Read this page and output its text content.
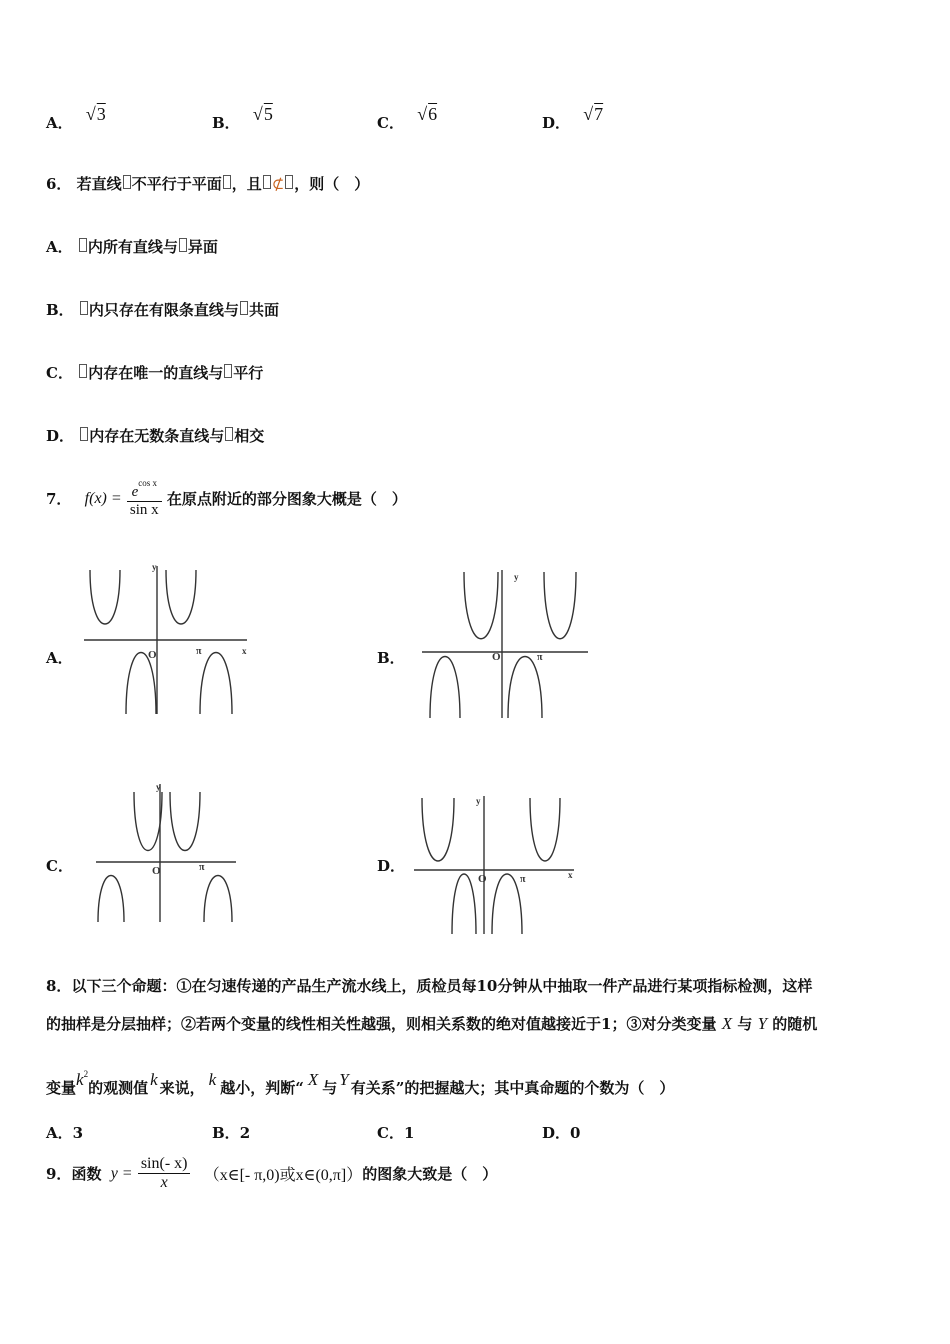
A． √3	B． √5	C． √6	D． √7
6． 若直线 不平行于平面 ，且 ⊄ ，则（　）
A． 内所有直线与 异面
B． 内只存在有限条直线与 共面
C． 内存在唯一的直线与 平行
D． 内存在无数条直线与 相交
7． $f(x) = \frac{e^{cos x}}{\text{sin x}}$ 在原点附近的部分图象大概是（　）
A．
y
x
O	π	B．
y
O	π
C．
y
O	π	D．
y
x
O	π
8．以下三个命题：①在匀速传递的产品生产流水线上，质检员每10分钟从中抽取一件产品进行某项指标检测，这样
的抽样是分层抽样；②若两个变量的线性相关性越强，则相关系数的绝对值越接近于1；③对分类变量 X 与 Y 的随机
变量$k^2$的观测值 k 来说， k 越小，判断“ X 与 Y 有关系”的把握越大；其中真命题的个数为（　）
A．3	B．2	C．1	D．0
9．函数 $y = \frac{\sin(- x)}{x}$ （x∈[- π,0)或x∈(0,π]）的图象大致是（　）
